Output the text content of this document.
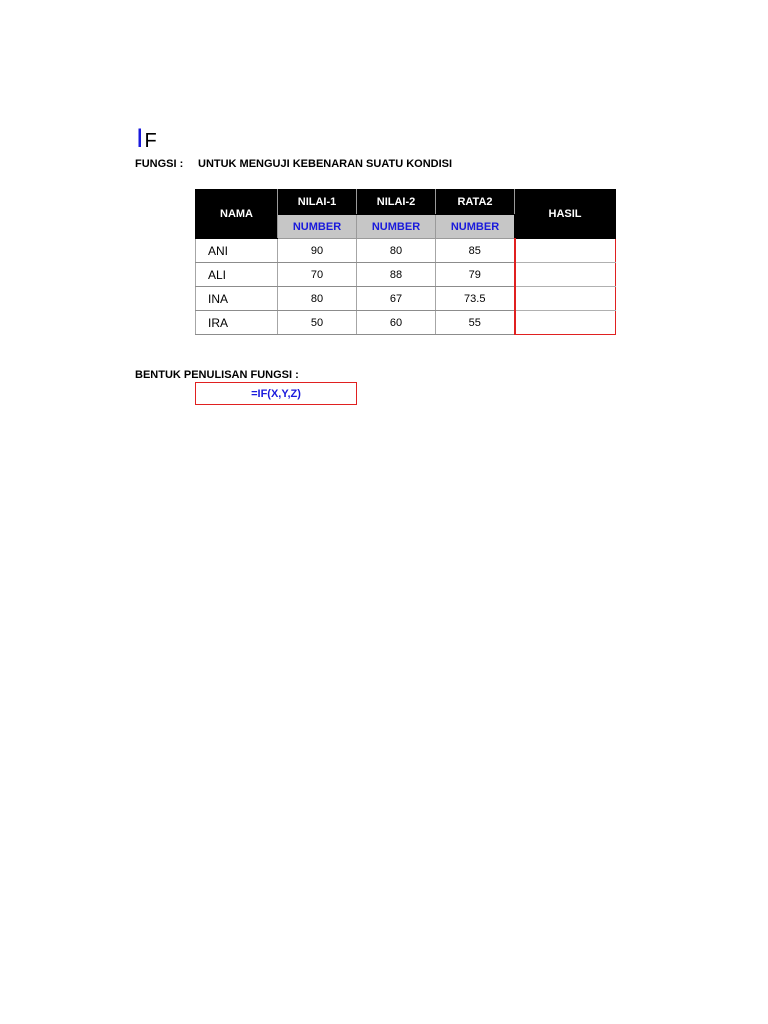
I F
FUNGSI : UNTUK MENGUJI KEBENARAN SUATU KONDISI
NAMA	NILAI-1	NILAI-2	RATA2	HASIL
	NUMBER	NUMBER	NUMBER	
ANI	90	80	85	
ALI	70	88	79	
INA	80	67	73.5	
IRA	50	60	55	
BENTUK PENULISAN FUNGSI :
=IF(X,Y,Z)
